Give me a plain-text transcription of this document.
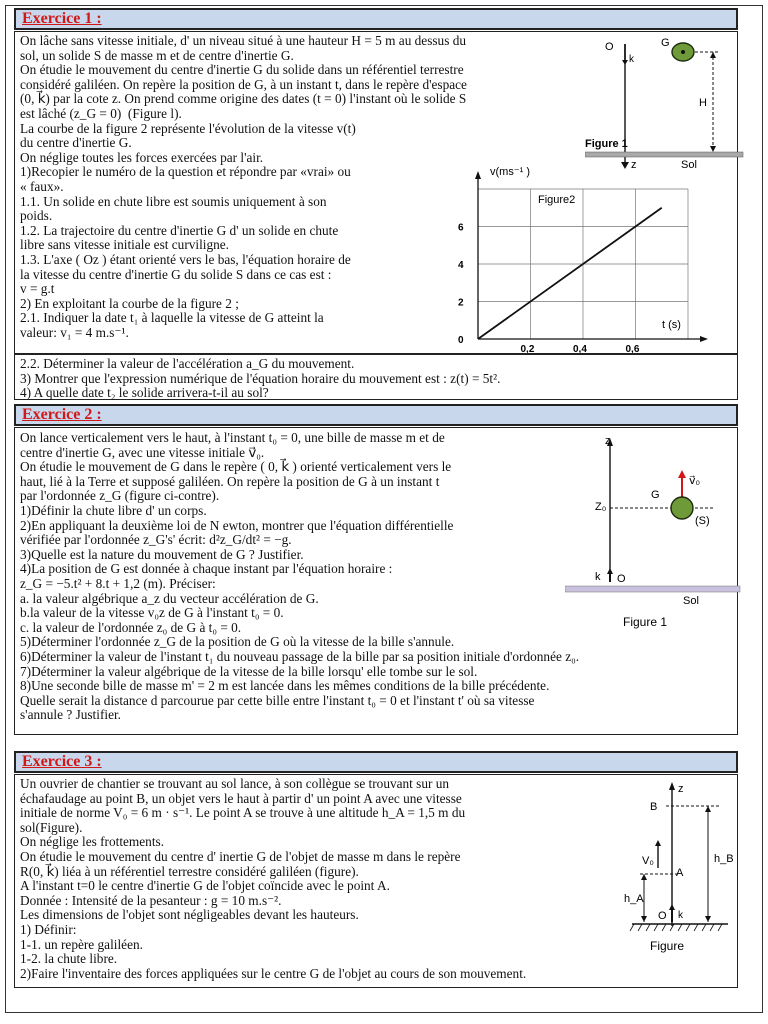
Exercice 1 :
On lâche sans vitesse initiale, d' un niveau situé à une hauteur H = 5 m au dessus du
sol, un solide S de masse m et de centre d'inertie G.
On étudie le mouvement du centre d'inertie G du solide dans un référentiel terrestre
considéré galiléen. On repère la position de G, à un instant t, dans le repère d'espace
(0, k⃗) par la cote z. On prend comme origine des dates (t = 0) l'instant où le solide S
est lâché (z_G = 0)  (Figure l).
La courbe de la figure 2 représente l'évolution de la vitesse v(t)
du centre d'inertie G.
On néglige toutes les forces exercées par l'air.
1)Recopier le numéro de la question et répondre par «vrai» ou
« faux».
1.1. Un solide en chute libre est soumis uniquement à son
poids.
1.2. La trajectoire du centre d'inertie G d' un solide en chute
libre sans vitesse initiale est curviligne.
1.3. L'axe ( Oz ) étant orienté vers le bas, l'équation horaire de
la vitesse du centre d'inertie G du solide S dans ce cas est :
v = g.t
2) En exploitant la courbe de la figure 2 ;
2.1. Indiquer la date t₁ à laquelle la vitesse de G atteint la
valeur: v₁ = 4 m.s⁻¹.
2.2. Déterminer la valeur de l'accélération a_G du mouvement.
3) Montrer que l'expression numérique de l'équation horaire du mouvement est : z(t) = 5t².
4) A quelle date t₂ le solide arrivera-t-il au sol?
O
k
G
H
Figure 1
z	Sol
v(ms⁻¹ )
t (s)
Figure2
0
2
4
6
0,2	0,4	0,6
Exercice 2 :
On lance verticalement vers le haut, à l'instant t₀ = 0, une bille de masse m et de
centre d'inertie G, avec une vitesse initiale v⃗₀.
On étudie le mouvement de G dans le repère ( 0, k⃗ ) orienté verticalement vers le
haut, lié à la Terre et supposé galiléen. On repère la position de G à un instant t
par l'ordonnée z_G (figure ci-contre).
1)Définir la chute libre d' un corps.
2)En appliquant la deuxième loi de N ewton, montrer que l'équation différentielle
vérifiée par l'ordonnée z_G's' écrit: d²z_G/dt² = −g.
3)Quelle est la nature du mouvement de G ? Justifier.
4)La position de G est donnée à chaque instant par l'équation horaire :
z_G = −5.t² + 8.t + 1,2 (m). Préciser:
a. la valeur algébrique a_z du vecteur accélération de G.
b.la valeur de la vitesse v₀z de G à l'instant t₀ = 0.
c. la valeur de l'ordonnée z₀ de G à t₀ = 0.
5)Déterminer l'ordonnée z_G de la position de G où la vitesse de la bille s'annule.
6)Déterminer la valeur de l'instant t₁ du nouveau passage de la bille par sa position initiale d'ordonnée z₀.
7)Déterminer la valeur algébrique de la vitesse de la bille lorsqu' elle tombe sur le sol.
8)Une seconde bille de masse m' = 2 m est lancée dans les mêmes conditions de la bille précédente.
Quelle serait la distance d parcourue par cette bille entre l'instant t₀ = 0 et l'instant t' où sa vitesse
s'annule ? Justifier.
z
Z₀
v⃗₀
G
(S)
k O
Sol
Figure 1
Exercice 3 :
Un ouvrier de chantier se trouvant au sol lance, à son collègue se trouvant sur un
échafaudage au point B, un objet vers le haut à partir d' un point A avec une vitesse
initiale de norme V₀ = 6 m · s⁻¹. Le point A se trouve à une altitude h_A = 1,5 m du
sol(Figure).
On néglige les frottements.
On étudie le mouvement du centre d' inertie G de l'objet de masse m dans le repère
R(0, k⃗) liéa à un référentiel terrestre considéré galiléen (figure).
A l'instant t=0 le centre d'inertie G de l'objet coïncide avec le point A.
Donnée : Intensité de la pesanteur : g = 10 m.s⁻².
Les dimensions de l'objet sont négligeables devant les hauteurs.
1) Définir:
1-1. un repère galiléen.
1-2. la chute libre.
2)Faire l'inventaire des forces appliquées sur le centre G de l'objet au cours de son mouvement.
z
B
h_B
V₀
A
h_A
O k
Figure
